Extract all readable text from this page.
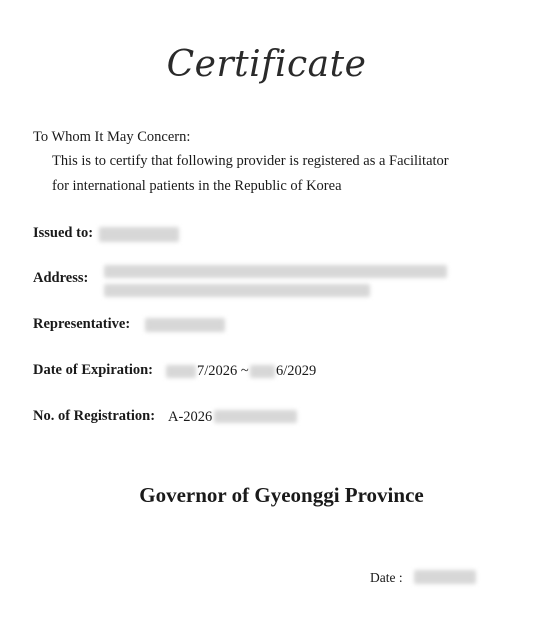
Certificate
To Whom It May Concern:
This is to certify that following provider is registered as a Facilitator
for international patients in the Republic of Korea
Issued to:
Address:
Representative:
Date of Expiration:	7/2026 ~ 6/2029
No. of Registration: A-2026
Governor of Gyeonggi Province
Date :
